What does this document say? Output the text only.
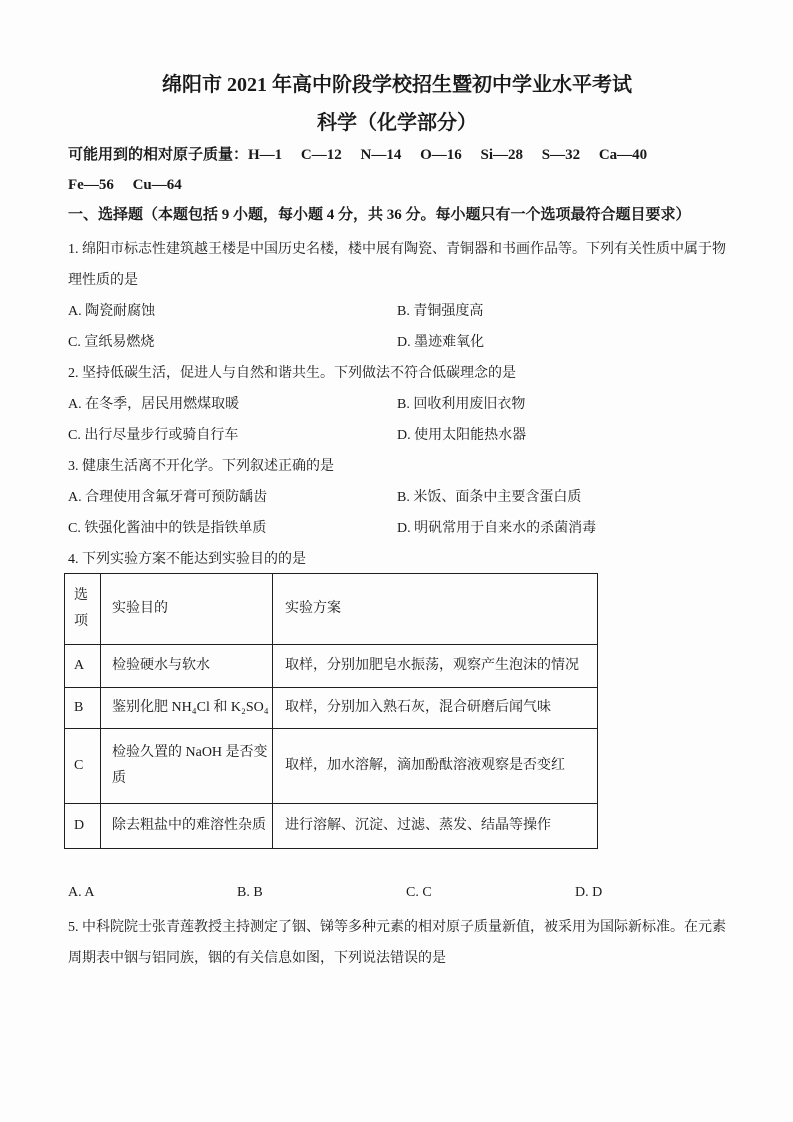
绵阳市 2021 年高中阶段学校招生暨初中学业水平考试
科学（化学部分）

可能用到的相对原子质量：H—1　 C—12　 N—14　 O—16　 Si—28　 S—32　 Ca—40

Fe—56　 Cu—64

一、选择题（本题包括 9 小题，每小题 4 分，共 36 分。每小题只有一个选项最符合题目要求）

1. 绵阳市标志性建筑越王楼是中国历史名楼，楼中展有陶瓷、青铜器和书画作品等。下列有关性质中属于物理性质的是

A. 陶瓷耐腐蚀	B. 青铜强度高
C. 宣纸易燃烧	D. 墨迹难氧化

2. 坚持低碳生活，促进人与自然和谐共生。下列做法不符合低碳理念的是

A. 在冬季，居民用燃煤取暖	B. 回收利用废旧衣物
C. 出行尽量步行或骑自行车	D. 使用太阳能热水器

3. 健康生活离不开化学。下列叙述正确的是

A. 合理使用含氟牙膏可预防龋齿	B. 米饭、面条中主要含蛋白质
C. 铁强化酱油中的铁是指铁单质	D. 明矾常用于自来水的杀菌消毒

4. 下列实验方案不能达到实验目的的是

选项	实验目的	实验方案
A	检验硬水与软水	取样，分别加肥皂水振荡，观察产生泡沫的情况
B	鉴别化肥 NH₄Cl 和 K₂SO₄	取样，分别加入熟石灰，混合研磨后闻气味
C	检验久置的 NaOH 是否变质	取样，加水溶解，滴加酚酞溶液观察是否变红
D	除去粗盐中的难溶性杂质	进行溶解、沉淀、过滤、蒸发、结晶等操作
A. A	B. B	C. C	D. D

5. 中科院院士张青莲教授主持测定了铟、锑等多种元素的相对原子质量新值，被采用为国际新标准。在元素周期表中铟与铝同族，铟的有关信息如图，下列说法错误的是
